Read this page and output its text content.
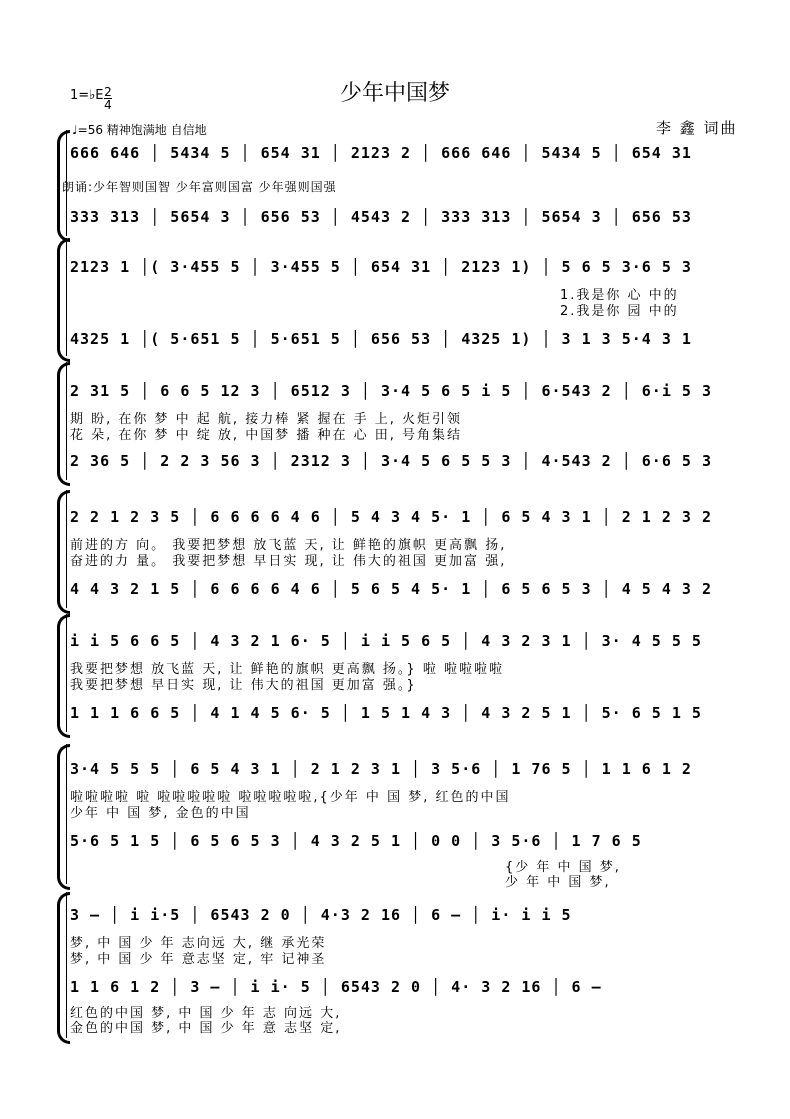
少年中国梦
1=♭E 2
4
♩=56 精神饱满地 自信地	李 鑫 词曲
666 646 │ 5434 5 │ 654 31 │ 2123 2 │ 666 646 │ 5434 5 │ 654 31
朗诵:少年智则国智 少年富则国富 少年强则国强
333 313 │ 5654 3 │ 656 53 │ 4543 2 │ 333 313 │ 5654 3 │ 656 53
2123 1 │( 3·455 5 │ 3·455 5 │ 654 31 │ 2123 1) │ 5 6 5 3·6 5 3
1.我是你 心 中的
2.我是你 园 中的
4325 1 │( 5·651 5 │ 5·651 5 │ 656 53 │ 4325 1) │ 3 1 3 5·4 3 1
2 31 5 │ 6 6 5 12 3 │ 6512 3 │ 3·4 5 6 5 i 5 │ 6·543 2 │ 6·i 5 3
期 盼, 在你 梦 中 起 航, 接力棒 紧 握在 手 上, 火炬引领
花 朵, 在你 梦 中 绽 放, 中国梦 播 种在 心 田, 号角集结
2 36 5 │ 2 2 3 56 3 │ 2312 3 │ 3·4 5 6 5 5 3 │ 4·543 2 │ 6·6 5 3
2 2 1 2 3 5 │ 6 6 6 6 4 6 │ 5 4 3 4 5· 1 │ 6 5 4 3 1 │ 2 1 2 3 2
前进的方 向。 我要把梦想 放飞蓝 天, 让 鲜艳的旗帜 更高飘 扬,
奋进的力 量。 我要把梦想 早日实 现, 让 伟大的祖国 更加富 强,
4 4 3 2 1 5 │ 6 6 6 6 4 6 │ 5 6 5 4 5· 1 │ 6 5 6 5 3 │ 4 5 4 3 2
i i 5 6 6 5 │ 4 3 2 1 6· 5 │ i i 5 6 5 │ 4 3 2 3 1 │ 3· 4 5 5 5
我要把梦想 放飞蓝 天, 让 鲜艳的旗帜 更高飘 扬。} 啦 啦啦啦啦
我要把梦想 早日实 现, 让 伟大的祖国 更加富 强。}
1 1 1 6 6 5 │ 4 1 4 5 6· 5 │ 1 5 1 4 3 │ 4 3 2 5 1 │ 5· 6 5 1 5
3·4 5 5 5 │ 6 5 4 3 1 │ 2 1 2 3 1 │ 3 5·6 │ 1 76 5 │ 1 1 6 1 2
啦啦啦啦 啦 啦啦啦啦啦 啦啦啦啦啦,{少年 中 国 梦, 红色的中国
少年 中 国 梦, 金色的中国
5·6 5 1 5 │ 6 5 6 5 3 │ 4 3 2 5 1 │ 0 0 │ 3 5·6 │ 1 7 6 5
{少 年 中 国 梦,
少 年 中 国 梦,
3 – │ i i·5 │ 6543 2 0 │ 4·3 2 16 │ 6 – │ i· i i 5
梦, 中 国 少 年 志向远 大, 继 承光荣
梦, 中 国 少 年 意志坚 定, 牢 记神圣
1 1 6 1 2 │ 3 – │ i i· 5 │ 6543 2 0 │ 4· 3 2 16 │ 6 –
红色的中国 梦, 中 国 少 年 志 向远 大,
金色的中国 梦, 中 国 少 年 意 志坚 定,
